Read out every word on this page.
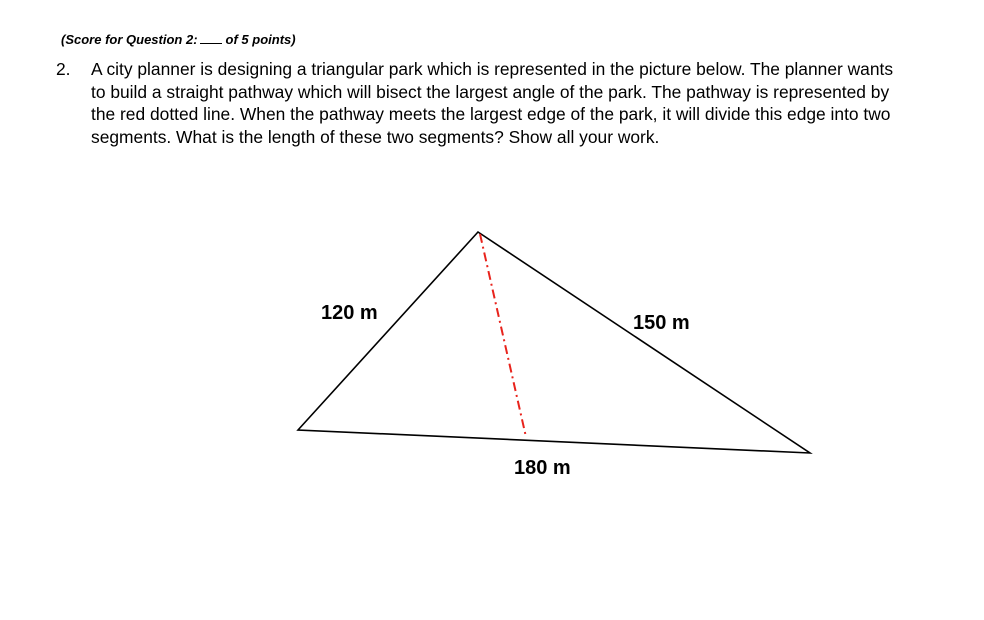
(Score for Question 2: of 5 points)
2. A city planner is designing a triangular park which is represented in the picture below. The planner wants to build a straight pathway which will bisect the largest angle of the park. The pathway is represented by the red dotted line. When the pathway meets the largest edge of the park, it will divide this edge into two segments. What is the length of these two segments? Show all your work.
120 m	150 m
180 m
